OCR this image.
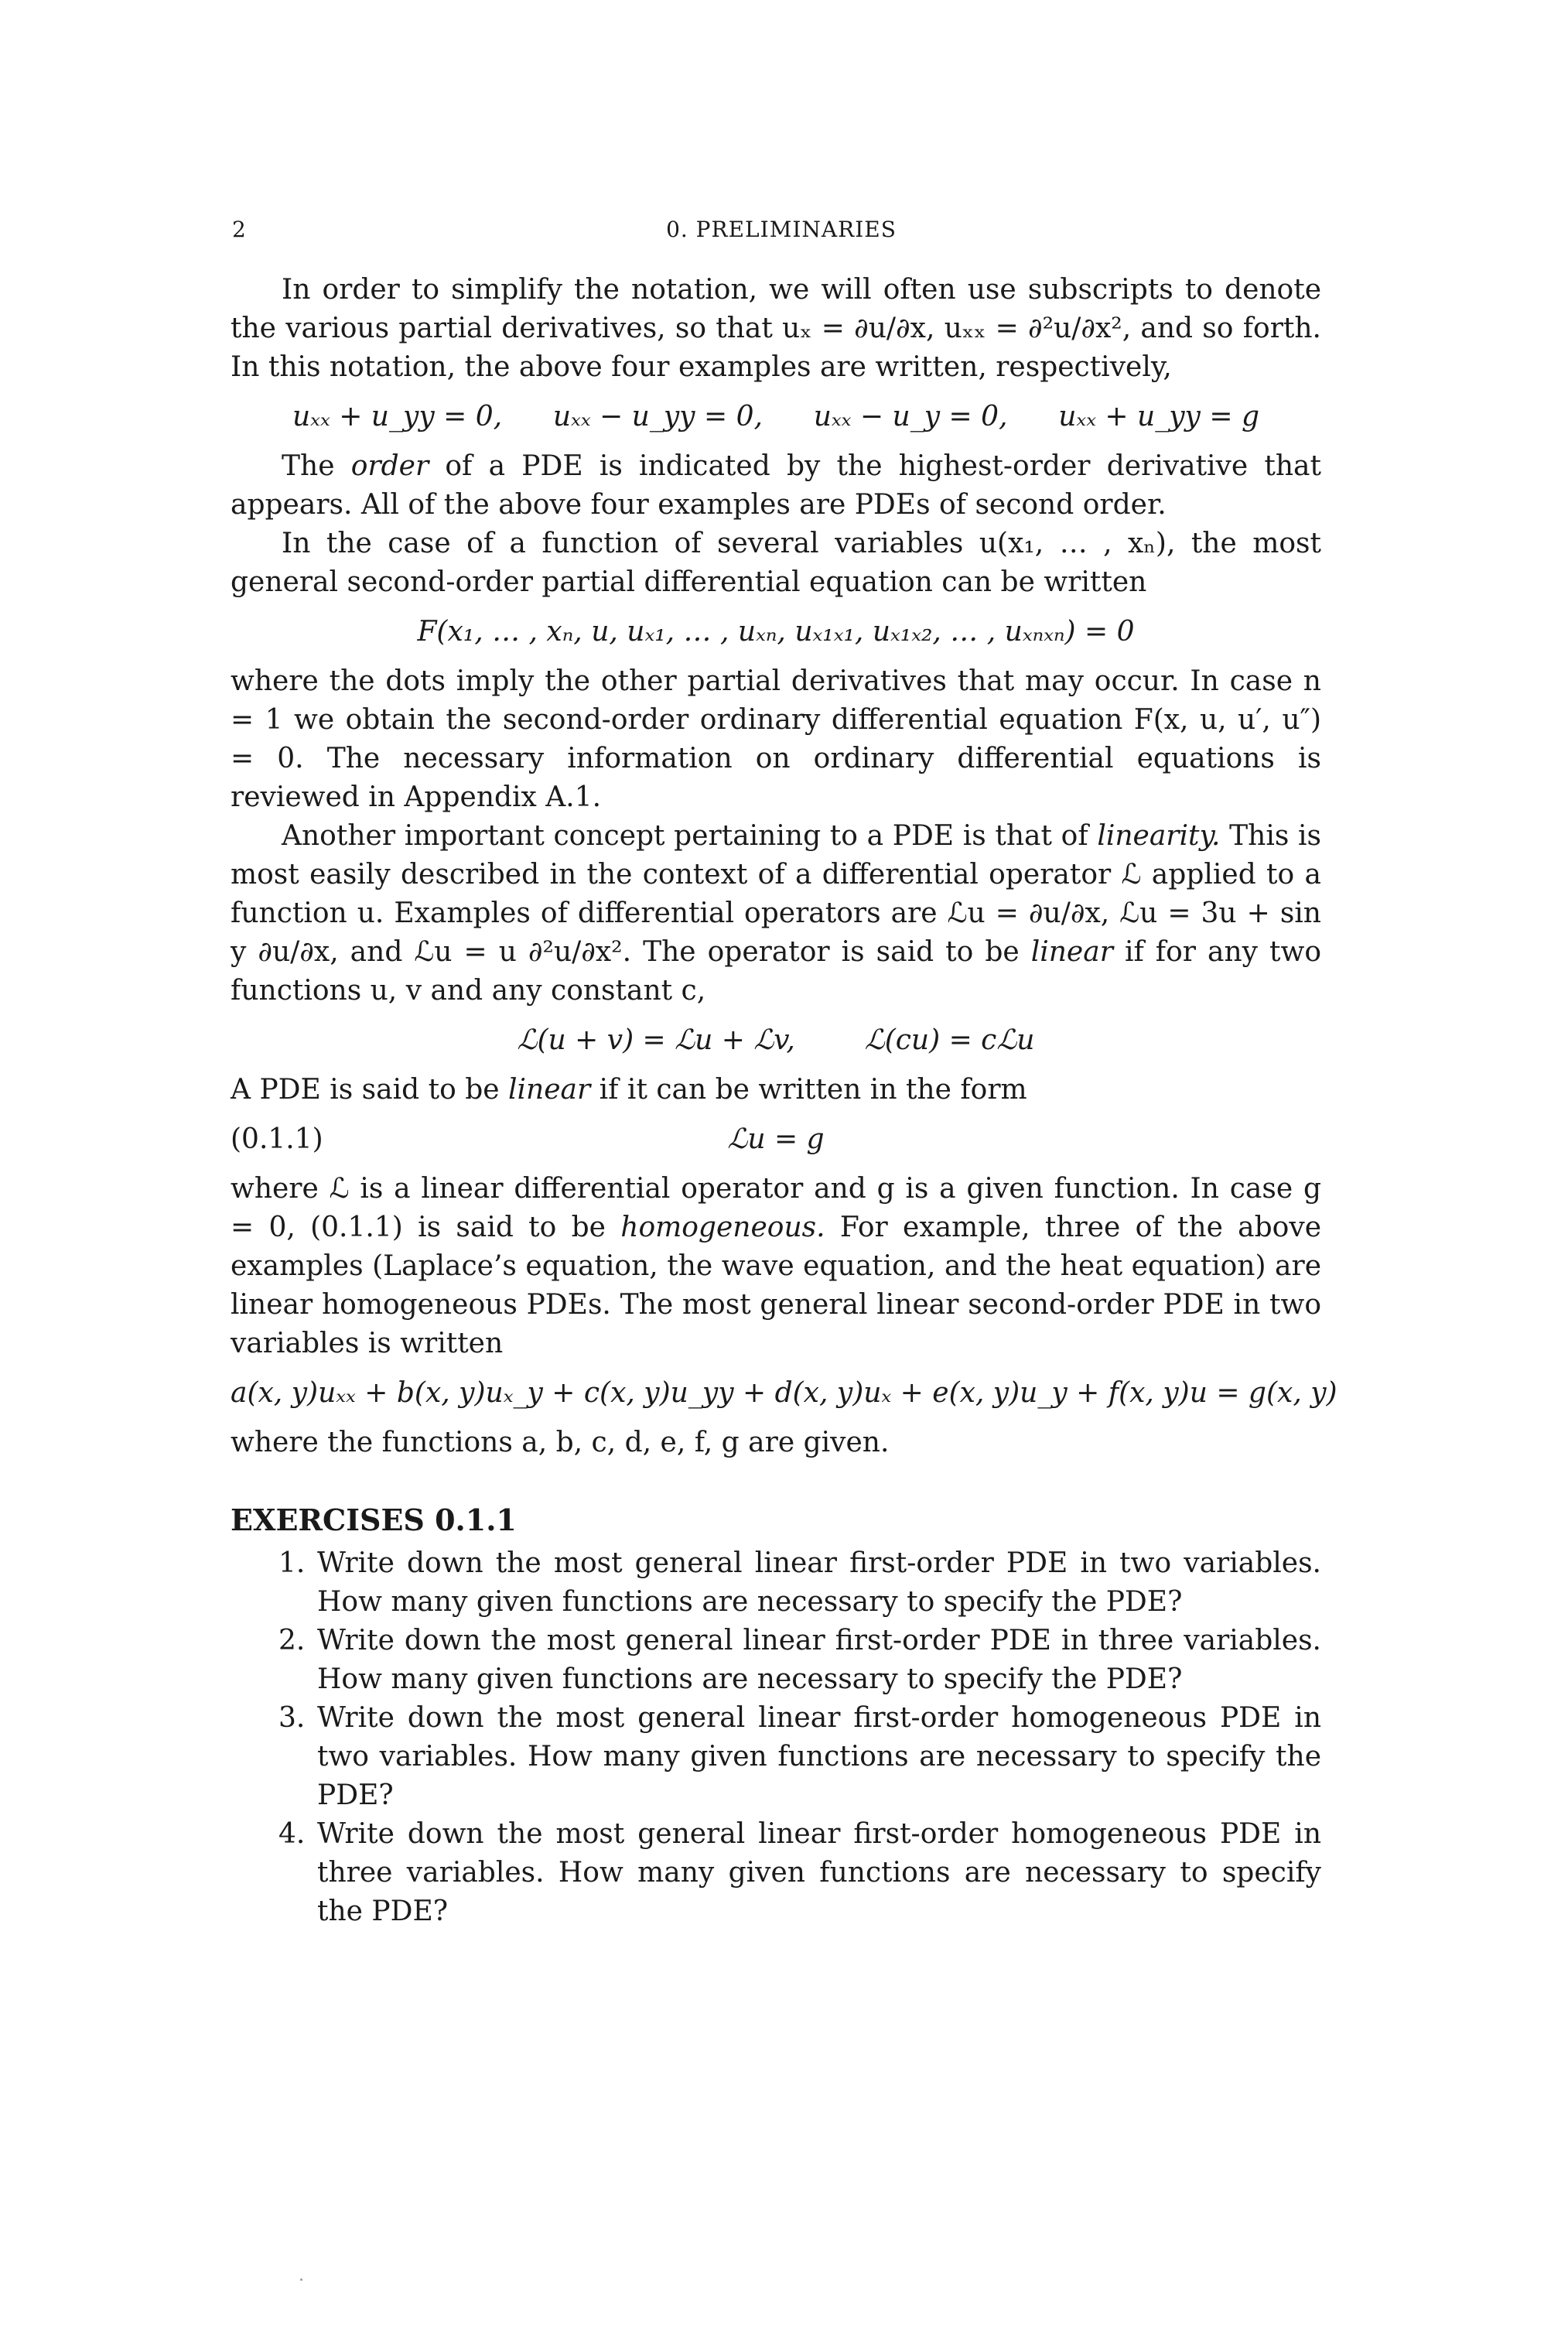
2	0. PRELIMINARIES

In order to simplify the notation, we will often use subscripts to denote the various partial derivatives, so that uₓ = ∂u/∂x, uₓₓ = ∂²u/∂x², and so forth. In this notation, the above four examples are written, respectively,

uₓₓ + u_yy = 0, uₓₓ − u_yy = 0, uₓₓ − u_y = 0, uₓₓ + u_yy = g

The order of a PDE is indicated by the highest-order derivative that appears. All of the above four examples are PDEs of second order.

In the case of a function of several variables u(x₁, … , xₙ), the most general second-order partial differential equation can be written

F(x₁, … , xₙ, u, uₓ₁, … , uₓₙ, uₓ₁ₓ₁, uₓ₁ₓ₂, … , uₓₙₓₙ) = 0

where the dots imply the other partial derivatives that may occur. In case n = 1 we obtain the second-order ordinary differential equation F(x, u, u′, u″) = 0. The necessary information on ordinary differential equations is reviewed in Appendix A.1.

Another important concept pertaining to a PDE is that of linearity. This is most easily described in the context of a differential operator ℒ applied to a function u. Examples of differential operators are ℒu = ∂u/∂x, ℒu = 3u + sin y ∂u/∂x, and ℒu = u ∂²u/∂x². The operator is said to be linear if for any two functions u, v and any constant c,

ℒ(u + v) = ℒu + ℒv,	ℒ(cu) = cℒu

A PDE is said to be linear if it can be written in the form

(0.1.1)	ℒu = g

where ℒ is a linear differential operator and g is a given function. In case g = 0, (0.1.1) is said to be homogeneous. For example, three of the above examples (Laplace’s equation, the wave equation, and the heat equation) are linear homogeneous PDEs. The most general linear second-order PDE in two variables is written

a(x, y)uₓₓ + b(x, y)uₓ_y + c(x, y)u_yy + d(x, y)uₓ + e(x, y)u_y + f(x, y)u = g(x, y)

where the functions a, b, c, d, e, f, g are given.

EXERCISES 0.1.1
1. Write down the most general linear first-order PDE in two variables. How many given functions are necessary to specify the PDE?
2. Write down the most general linear first-order PDE in three variables. How many given functions are necessary to specify the PDE?
3. Write down the most general linear first-order homogeneous PDE in two variables. How many given functions are necessary to specify the PDE?
4. Write down the most general linear first-order homogeneous PDE in three variables. How many given functions are necessary to specify the PDE?
